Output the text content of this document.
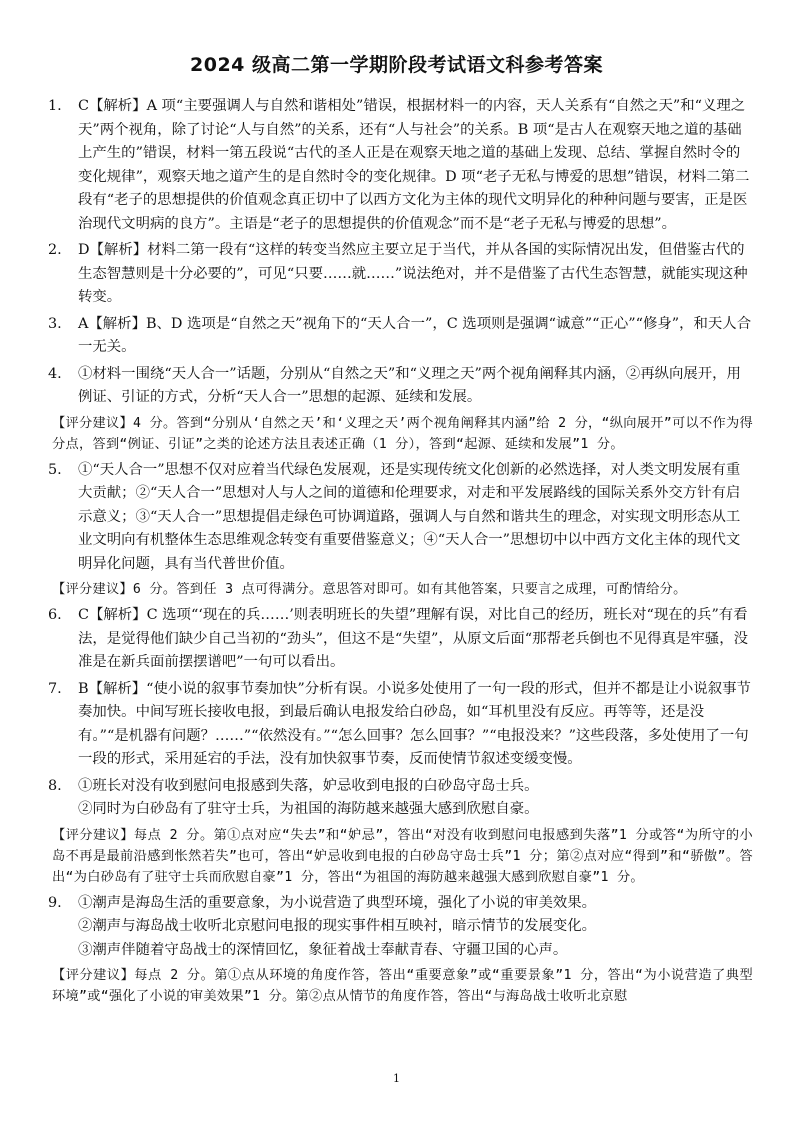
2024 级高二第一学期阶段考试语文科参考答案
1. C【解析】A 项“主要强调人与自然和谐相处”错误，根据材料一的内容，天人关系有“自然之天”和“义理之天”两个视角，除了讨论“人与自然”的关系，还有“人与社会”的关系。B 项“是古人在观察天地之道的基础上产生的”错误，材料一第五段说“古代的圣人正是在观察天地之道的基础上发现、总结、掌握自然时令的变化规律”，观察天地之道产生的是自然时令的变化规律。D 项“老子无私与博爱的思想”错误，材料二第二段有“老子的思想提供的价值观念真正切中了以西方文化为主体的现代文明异化的种种问题与要害，正是医治现代文明病的良方”。主语是“老子的思想提供的价值观念”而不是“老子无私与博爱的思想”。

2. D【解析】材料二第一段有“这样的转变当然应主要立足于当代，并从各国的实际情况出发，但借鉴古代的生态智慧则是十分必要的”，可见“只要……就……”说法绝对，并不是借鉴了古代生态智慧，就能实现这种转变。

3. A【解析】B、D 选项是“自然之天”视角下的“天人合一”，C 选项则是强调“诚意”“正心”“修身”，和天人合一无关。

4. ①材料一围绕“天人合一”话题，分别从“自然之天”和“义理之天”两个视角阐释其内涵，②再纵向展开，用例证、引证的方式，分析“天人合一”思想的起源、延续和发展。

【评分建议】4 分。答到“分别从‘自然之天’和‘义理之天’两个视角阐释其内涵”给 2 分，“纵向展开”可以不作为得分点，答到“例证、引证”之类的论述方法且表述正确（1 分），答到“起源、延续和发展”1 分。
5. ①“天人合一”思想不仅对应着当代绿色发展观，还是实现传统文化创新的必然选择，对人类文明发展有重大贡献；②“天人合一”思想对人与人之间的道德和伦理要求，对走和平发展路线的国际关系外交方针有启示意义；③“天人合一”思想提倡走绿色可协调道路，强调人与自然和谐共生的理念，对实现文明形态从工业文明向有机整体生态思维观念转变有重要借鉴意义；④“天人合一”思想切中以中西方文化主体的现代文明异化问题，具有当代普世价值。

【评分建议】6 分。答到任 3 点可得满分。意思答对即可。如有其他答案，只要言之成理，可酌情给分。
6. C【解析】C 选项“‘现在的兵……’则表明班长的失望”理解有误，对比自己的经历，班长对“现在的兵”有看法，是觉得他们缺少自己当初的“劲头”，但这不是“失望”，从原文后面“那帮老兵倒也不见得真是牢骚，没准是在新兵面前摆摆谱吧”一句可以看出。

7. B【解析】“使小说的叙事节奏加快”分析有误。小说多处使用了一句一段的形式，但并不都是让小说叙事节奏加快。中间写班长接收电报，到最后确认电报发给白砂岛，如“耳机里没有反应。再等等，还是没有。”“是机器有问题？……”“依然没有。”“怎么回事？怎么回事？”“电报没来？”这些段落，多处使用了一句一段的形式，采用延宕的手法，没有加快叙事节奏，反而使情节叙述变缓变慢。

8. ①班长对没有收到慰问电报感到失落，妒忌收到电报的白砂岛守岛士兵。

②同时为白砂岛有了驻守士兵，为祖国的海防越来越强大感到欣慰自豪。

【评分建议】每点 2 分。第①点对应“失去”和“妒忌”，答出“对没有收到慰问电报感到失落”1 分或答“为所守的小岛不再是最前沿感到怅然若失”也可，答出“妒忌收到电报的白砂岛守岛士兵”1 分；第②点对应“得到”和“骄傲”。答出“为白砂岛有了驻守士兵而欣慰自豪”1 分，答出“为祖国的海防越来越强大感到欣慰自豪”1 分。
9. ①潮声是海岛生活的重要意象，为小说营造了典型环境，强化了小说的审美效果。

②潮声与海岛战士收听北京慰问电报的现实事件相互映衬，暗示情节的发展变化。

③潮声伴随着守岛战士的深情回忆，象征着战士奉献青春、守疆卫国的心声。

【评分建议】每点 2 分。第①点从环境的角度作答，答出“重要意象”或“重要景象”1 分，答出“为小说营造了典型环境”或“强化了小说的审美效果”1 分。第②点从情节的角度作答，答出“与海岛战士收听北京慰
1
